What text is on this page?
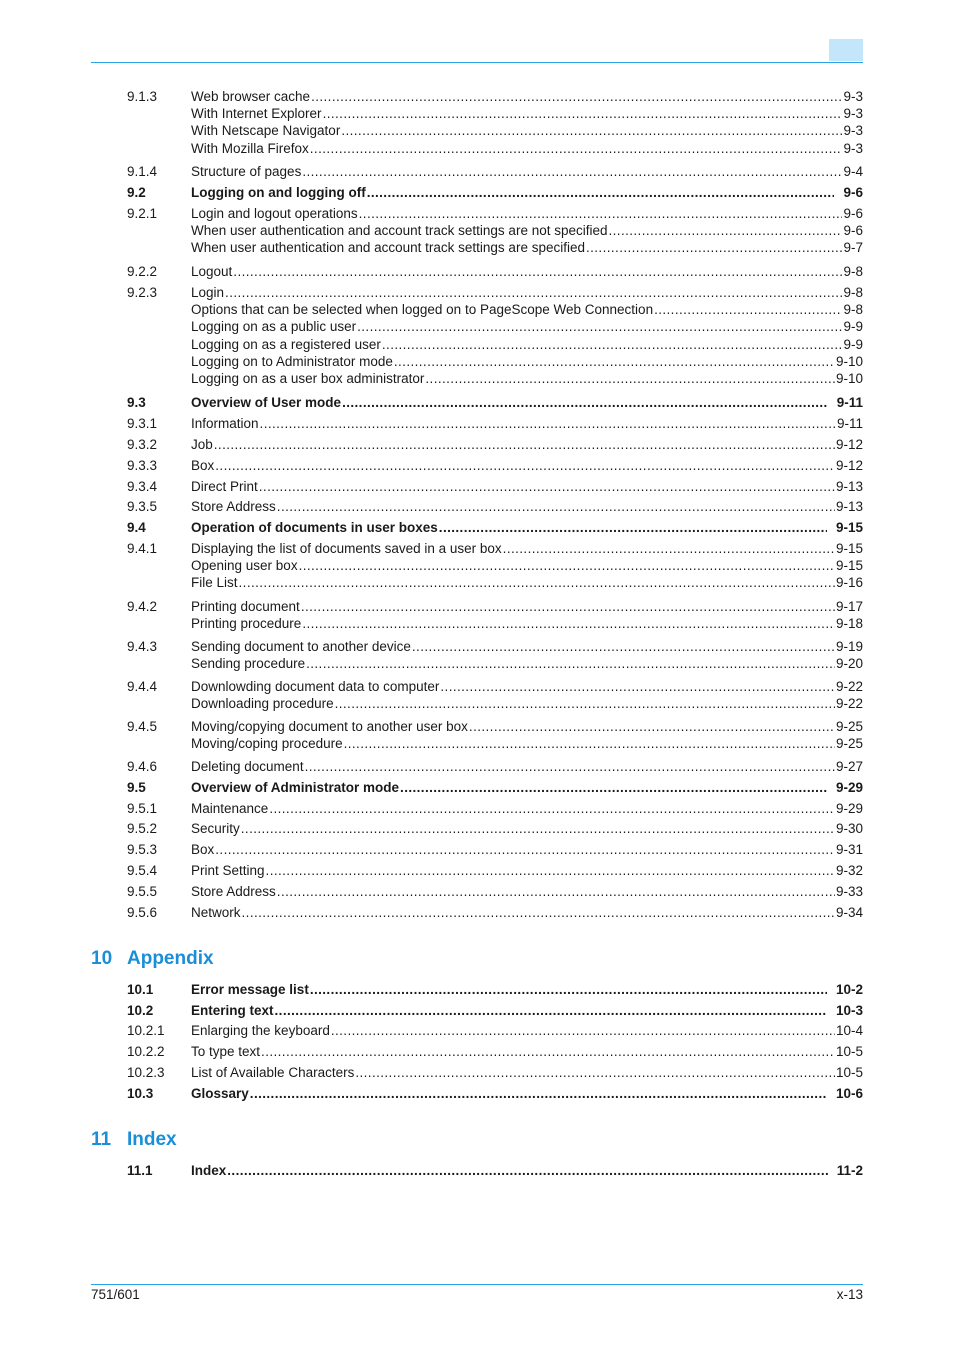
9.1.3	Web browser cache .....	9-3
With Internet Explorer .....	9-3
With Netscape Navigator .....	9-3
With Mozilla Firefox .....	9-3
9.1.4	Structure of pages .....	9-4
9.2	Logging on and logging off .....	9-6
9.2.1	Login and logout operations .....	9-6
When user authentication and account track settings are not specified .....	9-6
When user authentication and account track settings are specified .....	9-7
9.2.2	Logout .....	9-8
9.2.3	Login .....	9-8
Options that can be selected when logged on to PageScope Web Connection .....	9-8
Logging on as a public user .....	9-9
Logging on as a registered user .....	9-9
Logging on to Administrator mode .....	9-10
Logging on as a user box administrator .....	9-10
9.3	Overview of User mode .....	9-11
9.3.1	Information .....	9-11
9.3.2	Job .....	9-12
9.3.3	Box .....	9-12
9.3.4	Direct Print .....	9-13
9.3.5	Store Address .....	9-13
9.4	Operation of documents in user boxes .....	9-15
9.4.1	Displaying the list of documents saved in a user box .....	9-15
Opening user box .....	9-15
File List .....	9-16
9.4.2	Printing document .....	9-17
Printing procedure .....	9-18
9.4.3	Sending document to another device .....	9-19
Sending procedure .....	9-20
9.4.4	Downlowding document data to computer .....	9-22
Downloading procedure .....	9-22
9.4.5	Moving/copying document to another user box .....	9-25
Moving/coping procedure .....	9-25
9.4.6	Deleting document .....	9-27
9.5	Overview of Administrator mode .....	9-29
9.5.1	Maintenance .....	9-29
9.5.2	Security .....	9-30
9.5.3	Box .....	9-31
9.5.4	Print Setting .....	9-32
9.5.5	Store Address .....	9-33
9.5.6	Network .....	9-34
10.1	Error message list .....	10-2
10.2	Entering text .....	10-3
10.2.1 Enlarging the keyboard .....	10-4
10.2.2 To type text .....	10-5
10.2.3 List of Available Characters .....	10-5
10.3	Glossary .....	10-6
11.1	Index .....	11-2
10 Appendix
11 Index
751/601	x-13
